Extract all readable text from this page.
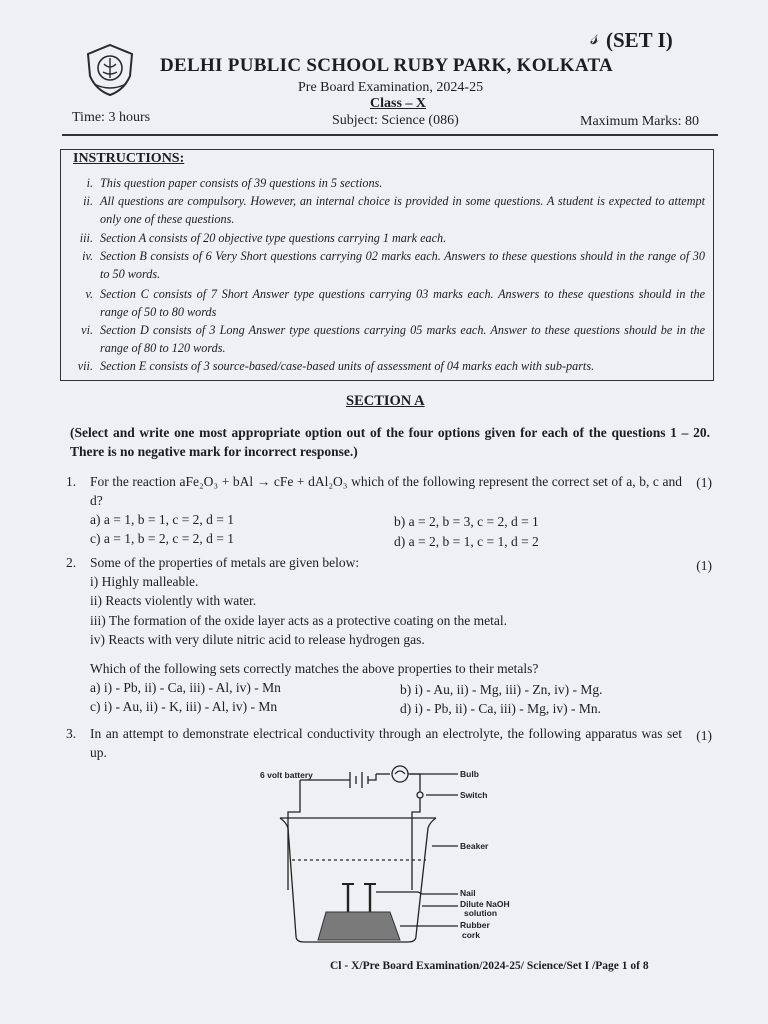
𝓈 (SET I)
DELHI PUBLIC SCHOOL RUBY PARK, KOLKATA
Pre Board Examination, 2024-25
Class – X
Time: 3 hours	Subject: Science (086)	Maximum Marks: 80
INSTRUCTIONS:
i. This question paper consists of 39 questions in 5 sections.
ii. All questions are compulsory. However, an internal choice is provided in some questions. A student is expected to attempt only one of these questions.
iii. Section A consists of 20 objective type questions carrying 1 mark each.
iv. Section B consists of 6 Very Short questions carrying 02 marks each. Answers to these questions should in the range of 30 to 50 words.
v. Section C consists of 7 Short Answer type questions carrying 03 marks each. Answers to these questions should in the range of 50 to 80 words
vi. Section D consists of 3 Long Answer type questions carrying 05 marks each. Answer to these questions should be in the range of 80 to 120 words.
vii. Section E consists of 3 source-based/case-based units of assessment of 04 marks each with sub-parts.
SECTION A
(Select and write one most appropriate option out of the four options given for each of the questions 1 – 20. There is no negative mark for incorrect response.)
1. For the reaction aFe₂O₃ + bAl → cFe + dAl₂O₃ which of the following represent the correct set of a, b, c and d?
(1)
a) a = 1, b = 1, c = 2, d = 1	b) a = 2, b = 3, c = 2, d = 1
c) a = 1, b = 2, c = 2, d = 1	d) a = 2, b = 1, c = 1, d = 2
2. Some of the properties of metals are given below:	(1)
i) Highly malleable.
ii) Reacts violently with water.
iii) The formation of the oxide layer acts as a protective coating on the metal.
iv) Reacts with very dilute nitric acid to release hydrogen gas.
Which of the following sets correctly matches the above properties to their metals?
a) i) - Pb, ii) - Ca, iii) - Al, iv) - Mn	b) i) - Au, ii) - Mg, iii) - Zn, iv) - Mg.
c) i) - Au, ii) - K, iii) - Al, iv) - Mn	d) i) - Pb, ii) - Ca, iii) - Mg, iv) - Mn.
3. In an attempt to demonstrate electrical conductivity through an electrolyte, the following apparatus was set up.
(1)
6 volt battery	Bulb
Switch
Beaker
Nail
Dilute NaOH
solution
Rubber
cork
Cl - X/Pre Board Examination/2024-25/ Science/Set I /Page 1 of 8
